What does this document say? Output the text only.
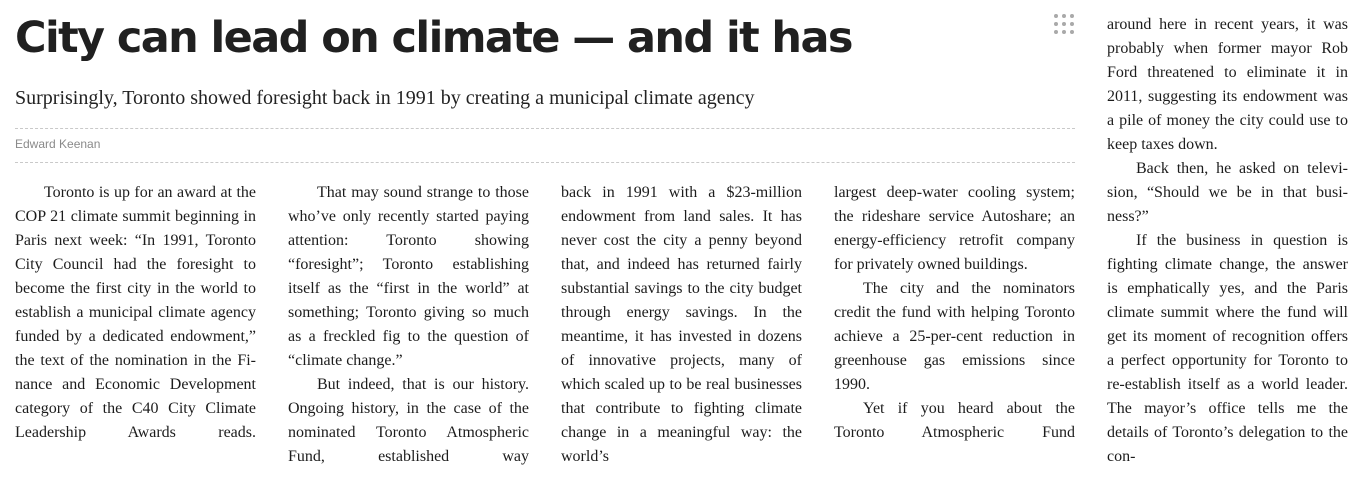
City can lead on climate — and it has
Surprisingly, Toronto showed foresight back in 1991 by creating a municipal climate agency
Edward Keenan

Toronto is up for an award at the COP 21 climate summit beginning in Paris next week: “In 1991, Toronto City Council had the foresight to become the first city in the world to establish a municipal climate agency funded by a dedicated endowment,” the text of the nomination in the Finance and Economic Development category of the C40 City Climate Leadership Awards reads.

That may sound strange to those who’ve only recently started paying attention: Toronto showing “foresight”; Toronto establishing itself as the “first in the world” at something; Toronto giving so much as a freckled fig to the question of “climate change.”

But indeed, that is our history. Ongoing history, in the case of the nominated Toronto Atmospheric Fund, established way

back in 1991 with a $23-million endowment from land sales. It has never cost the city a penny beyond that, and indeed has returned fairly substantial savings to the city budget through energy savings. In the meantime, it has invested in dozens of innovative projects, many of which scaled up to be real businesses that contribute to fighting climate change in a meaningful way: the world’s

largest deep-water cooling system; the rideshare service Autoshare; an energy-efficiency retrofit company for privately owned buildings.

The city and the nominators credit the fund with helping Toronto achieve a 25-per-cent reduction in greenhouse gas emissions since 1990.

Yet if you heard about the Toronto Atmospheric Fund

around here in recent years, it was probably when former mayor Rob Ford threatened to eliminate it in 2011, suggesting its endowment was a pile of money the city could use to keep taxes down.

Back then, he asked on television, “Should we be in that business?”

If the business in question is fighting climate change, the answer is emphatically yes, and the Paris climate summit where the fund will get its moment of recognition offers a perfect opportunity for Toronto to re-establish itself as a world leader. The mayor’s office tells me the details of Toronto’s delegation to the con-
